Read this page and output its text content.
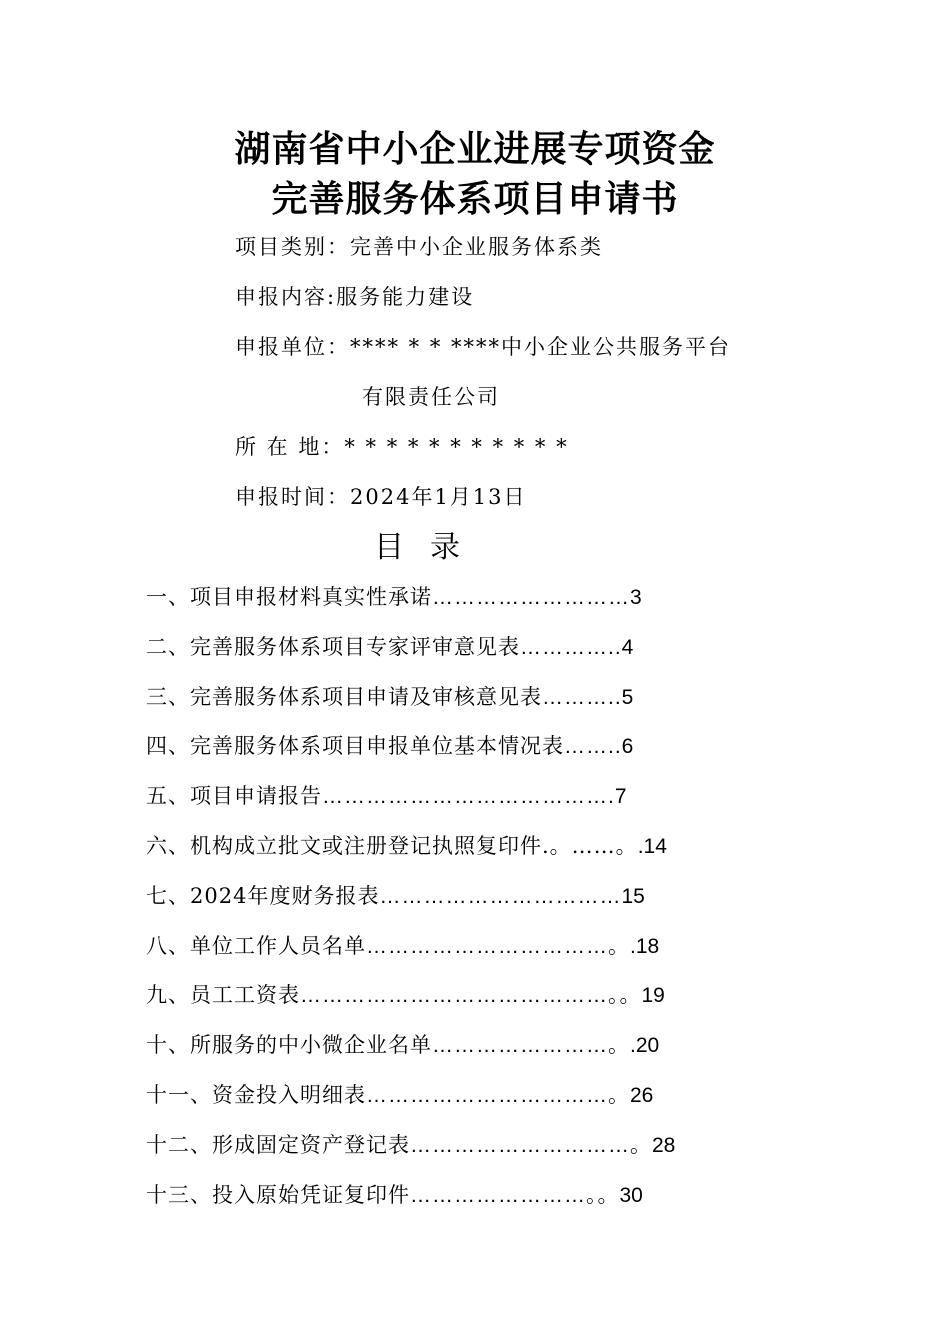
湖南省中小企业进展专项资金
完善服务体系项目申请书
项目类别：完善中小企业服务体系类
申报内容:服务能力建设
申报单位：**** * * ****中小企业公共服务平台
有限责任公司
所 在 地：* * * * * * * * * * *
申报时间：2024年1月13日
目录
一、项目申报材料真实性承诺………………………3
二、完善服务体系项目专家评审意见表…………..4
三、完善服务体系项目申请及审核意见表………..5
四、完善服务体系项目申报单位基本情况表……..6
五、项目申请报告………………………………….7
六、机构成立批文或注册登记执照复印件.。……。.14
七、2024年度财务报表……………………………15
八、单位工作人员名单……………………………。.18
九、员工工资表……………………………………。。19
十、所服务的中小微企业名单……………………。.20
十一、资金投入明细表……………………………。26
十二、形成固定资产登记表…………………………。28
十三、投入原始凭证复印件……………………。。30
